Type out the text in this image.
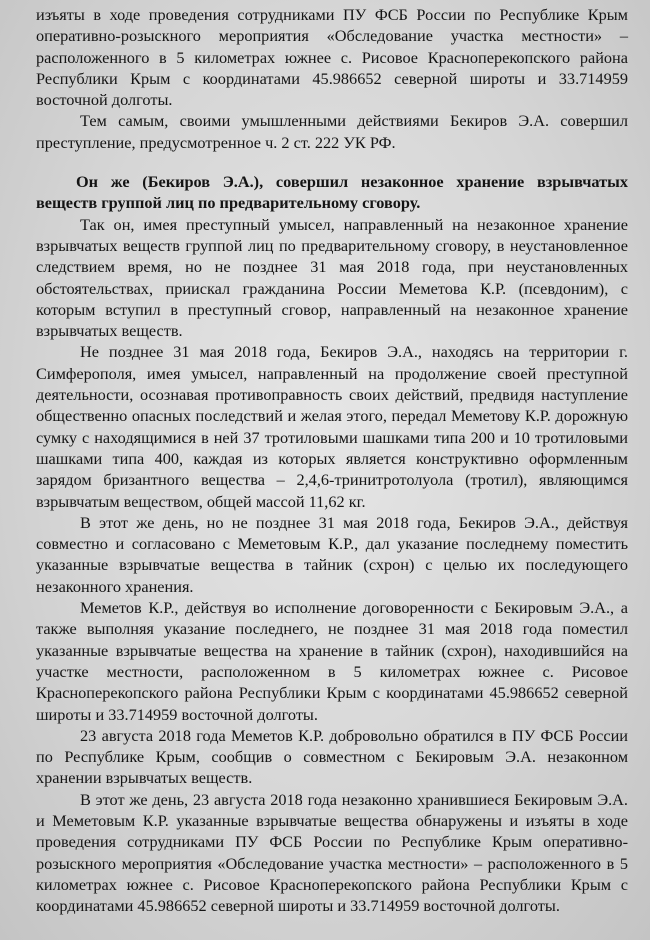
изъяты в ходе проведения сотрудниками ПУ ФСБ России по Республике Крым оперативно-розыскного мероприятия «Обследование участка местности» – расположенного в 5 километрах южнее с. Рисовое Красноперекопского района Республики Крым с координатами 45.986652 северной широты и 33.714959 восточной долготы.

Тем самым, своими умышленными действиями Бекиров Э.А. совершил преступление, предусмотренное ч. 2 ст. 222 УК РФ.

Он же (Бекиров Э.А.), совершил незаконное хранение взрывчатых веществ группой лиц по предварительному сговору.

Так он, имея преступный умысел, направленный на незаконное хранение взрывчатых веществ группой лиц по предварительному сговору, в неустановленное следствием время, но не позднее 31 мая 2018 года, при неустановленных обстоятельствах, приискал гражданина России Меметова К.Р. (псевдоним), с которым вступил в преступный сговор, направленный на незаконное хранение взрывчатых веществ.

Не позднее 31 мая 2018 года, Бекиров Э.А., находясь на территории г. Симферополя, имея умысел, направленный на продолжение своей преступной деятельности, осознавая противоправность своих действий, предвидя наступление общественно опасных последствий и желая этого, передал Меметову К.Р. дорожную сумку с находящимися в ней 37 тротиловыми шашками типа 200 и 10 тротиловыми шашками типа 400, каждая из которых является конструктивно оформленным зарядом бризантного вещества – 2,4,6-тринитротолуола (тротил), являющимся взрывчатым веществом, общей массой 11,62 кг.

В этот же день, но не позднее 31 мая 2018 года, Бекиров Э.А., действуя совместно и согласовано с Меметовым К.Р., дал указание последнему поместить указанные взрывчатые вещества в тайник (схрон) с целью их последующего незаконного хранения.

Меметов К.Р., действуя во исполнение договоренности с Бекировым Э.А., а также выполняя указание последнего, не позднее 31 мая 2018 года поместил указанные взрывчатые вещества на хранение в тайник (схрон), находившийся на участке местности, расположенном в 5 километрах южнее с. Рисовое Красноперекопского района Республики Крым с координатами 45.986652 северной широты и 33.714959 восточной долготы.

23 августа 2018 года Меметов К.Р. добровольно обратился в ПУ ФСБ России по Республике Крым, сообщив о совместном с Бекировым Э.А. незаконном хранении взрывчатых веществ.

В этот же день, 23 августа 2018 года незаконно хранившиеся Бекировым Э.А. и Меметовым К.Р. указанные взрывчатые вещества обнаружены и изъяты в ходе проведения сотрудниками ПУ ФСБ России по Республике Крым оперативно-розыскного мероприятия «Обследование участка местности» – расположенного в 5 километрах южнее с. Рисовое Красноперекопского района Республики Крым с координатами 45.986652 северной широты и 33.714959 восточной долготы.
